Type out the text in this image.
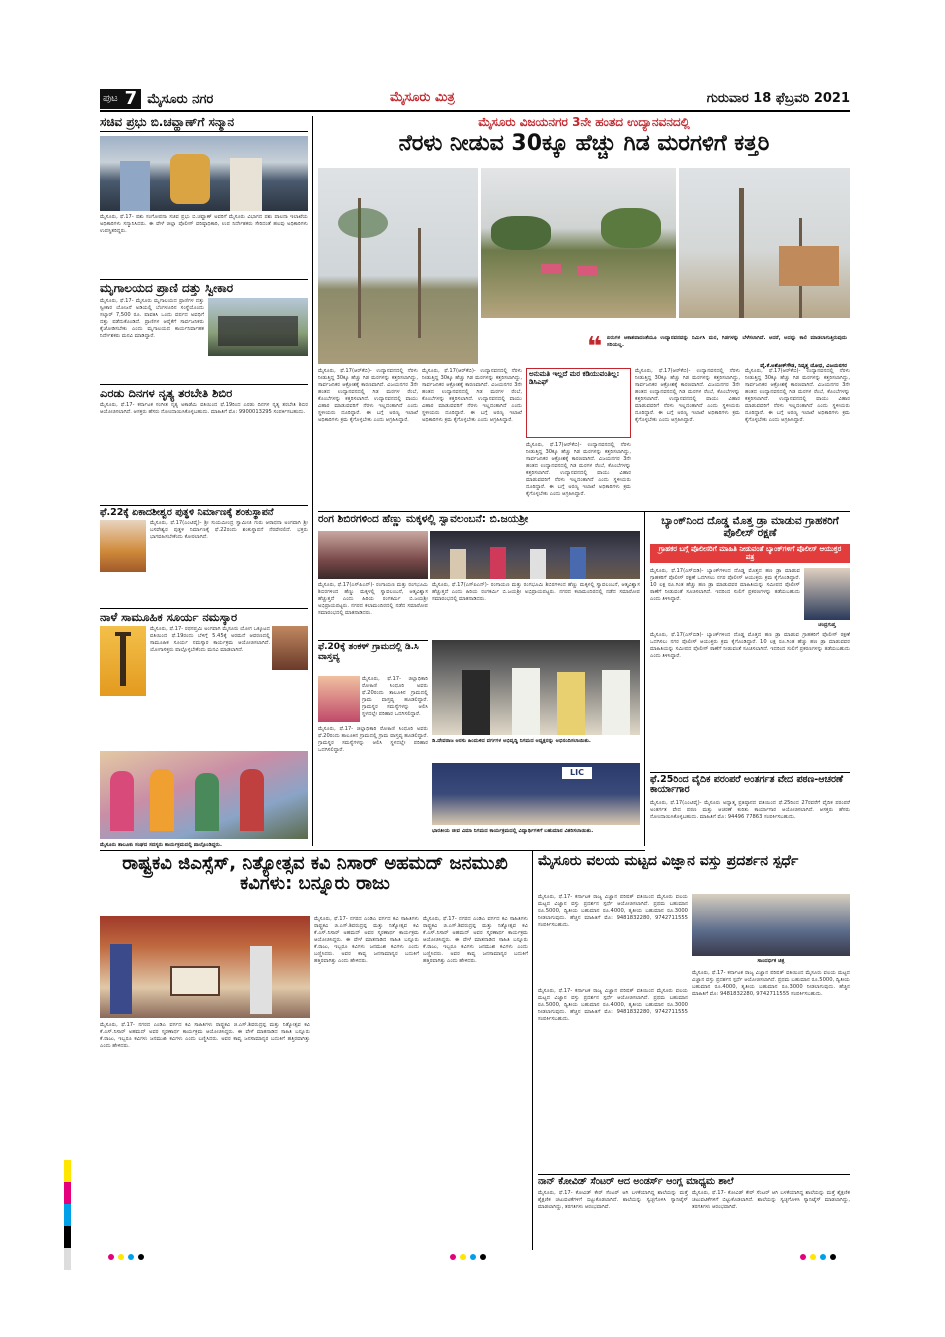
ಪುಟ 7 ಮೈಸೂರು ನಗರ	ಮೈಸೂರು ಮಿತ್ರ	ಗುರುವಾರ 18 ಫೆಬ್ರವರಿ 2021
ಸಚಿವ ಪ್ರಭು ಬಿ.ಚವ್ಹಾಣ್‌ಗೆ ಸನ್ಮಾನ
ಮೈಸೂರು, ಫೆ.17- ಪಶು ಸಂಗೋಪನಾ ಸಚಿವ ಪ್ರಭು ಬಿ.ಚವ್ಹಾಣ್ ಅವರಿಗೆ ಮೈಸೂರು ವಿಭಾಗದ ಪಶು ಪಾಲನಾ ಇಲಾಖೆಯ ಅಧಿಕಾರಿಗಳು ಸನ್ಮಾನಿಸಿದರು. ಈ ವೇಳೆ ಜಿಲ್ಲಾ ಪೊಲೀಸ್ ವರಿಷ್ಠಾಧಿಕಾರಿ, ಉಪ ನಿರ್ದೇಶಕರು ಸೇರಿದಂತೆ ಹಲವು ಅಧಿಕಾರಿಗಳು ಉಪಸ್ಥಿತರಿದ್ದರು.
ಮೃಗಾಲಯದ ಪ್ರಾಣಿ ದತ್ತು ಸ್ವೀಕಾರ
ಮೈಸೂರು, ಫೆ.17- ಮೈಸೂರು ಮೃಗಾಲಯದ ಪ್ರಾಣಿಗಳ ದತ್ತು ಸ್ವೀಕಾರ ಯೋಜನೆ ಅಡಿಯಲ್ಲಿ ಬೆಂಗಳೂರಿನ ಸಂಸ್ಥೆಯೊಂದು ಸಲ್ಕಾರ್ 7,500 ರೂ. ಪಾವತಿಸಿ ಒಂದು ವರ್ಷದ ಅವಧಿಗೆ ದತ್ತು ಪಡೆದುಕೊಂಡಿದೆ. ಪ್ರಾಣಿಗಳ ಆರೈಕೆಗೆ ಸಾರ್ವಜನಿಕರು ಕೈಜೋಡಿಸಬೇಕು ಎಂದು ಮೃಗಾಲಯದ ಕಾರ್ಯನಿರ್ವಾಹಕ ನಿರ್ದೇಶಕರು ಮನವಿ ಮಾಡಿದ್ದಾರೆ.
ಎರಡು ದಿನಗಳ ನೃತ್ಯ ತರಬೇತಿ ಶಿಬಿರ
ಮೈಸೂರು, ಫೆ.17- ಕರ್ನಾಟಕ ಸಂಗೀತ ನೃತ್ಯ ಅಕಾಡೆಮಿ ವತಿಯಿಂದ ಫೆ.19ರಿಂದ ಎರಡು ದಿನಗಳ ನೃತ್ಯ ತರಬೇತಿ ಶಿಬಿರ ಆಯೋಜಿಸಲಾಗಿದೆ. ಆಸಕ್ತರು ಹೆಸರು ನೋಂದಾಯಿಸಿಕೊಳ್ಳಬಹುದು. ಮಾಹಿತಿಗೆ ಮೊ: 9900013295 ಸಂಪರ್ಕಿಸಬಹುದು.
ಫೆ.22ಕ್ಕೆ ಏಕಾದಶೀಶ್ವರ ಪುತ್ಥಳಿ ನಿರ್ಮಾಣಕ್ಕೆ ಶಂಕುಸ್ಥಾಪನೆ
ಮೈಸೂರು, ಫೆ.17(ಎಂಟಿವೈ)- ಶ್ರೀ ಸುಯಮೀಂದ್ರ ಸ್ವಾಮೀಜಿ ಗುರು ಆರಾಧನಾ ಅಂಗವಾಗಿ ಶ್ರೀ ಬಸವೇಶ್ವರ ಪುತ್ಥಳಿ ನಿರ್ಮಾಣಕ್ಕೆ ಫೆ.22ರಂದು ಶಂಕುಸ್ಥಾಪನೆ ನೆರವೇರಲಿದೆ. ಭಕ್ತರು ಭಾಗವಹಿಸಬೇಕೆಂದು ಕೋರಲಾಗಿದೆ.
ನಾಳೆ ಸಾಮೂಹಿಕ ಸೂರ್ಯ ನಮಸ್ಕಾರ
ಮೈಸೂರು, ಫೆ.17- ರಥಸಪ್ತಮಿ ಅಂಗವಾಗಿ ಮೈಸೂರು ಯೋಗ ಒಕ್ಕೂಟದ ವತಿಯಿಂದ ಫೆ.19ರಂದು ಬೆಳಿಗ್ಗೆ 5.45ಕ್ಕೆ ಅರಮನೆ ಆವರಣದಲ್ಲಿ ಸಾಮೂಹಿಕ ಸೂರ್ಯ ನಮಸ್ಕಾರ ಕಾರ್ಯಕ್ರಮ ಆಯೋಜಿಸಲಾಗಿದೆ. ಯೋಗಾಸಕ್ತರು ಪಾಲ್ಗೊಳ್ಳಬೇಕೆಂದು ಮನವಿ ಮಾಡಲಾಗಿದೆ.
ಮೈಸೂರು ತಾಲೂಕು ಸಂಘದ ಸದಸ್ಯರು ಕಾರ್ಯಕ್ರಮದಲ್ಲಿ ಪಾಲ್ಗೊಂಡಿದ್ದರು.
ಮೈಸೂರು ವಿಜಯನಗರ 3ನೇ ಹಂತದ ಉದ್ಯಾನವನದಲ್ಲಿ
ನೆರಳು ನೀಡುವ 30ಕ್ಕೂ ಹೆಚ್ಚು ಗಿಡ ಮರಗಳಿಗೆ ಕತ್ತರಿ
❝ ಏರುಗಳ ಆಕಾಶವಾದಂತೆಯೂ ಉದ್ಯಾನವನವನ್ನು ನಿರ್ಮಿಸಿ ಮರ, ಗಿಡಗಳನ್ನು ಬೆಳೆಸಲಾಗಿದೆ. ಆದರೆ, ಅದನ್ನು ಕಾಲಿ ಮಾಡಲಾಗುತ್ತಿರುವುದು ಸರಿಯಲ್ಲ.
ವೈ.ಕೆ.ಅಶೋಕ್‌ಗೌಡ, ನಿವೃತ್ತ ಯೋಧ, ವಿಜಯನಗರ
ಮೈಸೂರು, ಫೆ.17(ಆರ್‌ಕೆಬಿ)- ಉದ್ಯಾನವನದಲ್ಲಿ ನೆರಳು ನೀಡುತ್ತಿದ್ದ 30ಕ್ಕೂ ಹೆಚ್ಚು ಗಿಡ ಮರಗಳನ್ನು ಕತ್ತರಿಸಲಾಗಿದ್ದು, ಸಾರ್ವಜನಿಕರ ಆಕ್ರೋಶಕ್ಕೆ ಕಾರಣವಾಗಿದೆ. ವಿಜಯನಗರ 3ನೇ ಹಂತದ ಉದ್ಯಾನವನದಲ್ಲಿ ಗಿಡ ಮರಗಳ ರೆಂಬೆ, ಕೊಂಬೆಗಳನ್ನು ಕತ್ತರಿಸಲಾಗಿದೆ. ಉದ್ಯಾನವನದಲ್ಲಿ ವಾಯು ವಿಹಾರ ಮಾಡುವವರಿಗೆ ನೆರಳು ಇಲ್ಲದಂತಾಗಿದೆ ಎಂದು ಸ್ಥಳೀಯರು ದೂರಿದ್ದಾರೆ. ಈ ಬಗ್ಗೆ ಅರಣ್ಯ ಇಲಾಖೆ ಅಧಿಕಾರಿಗಳು ಕ್ರಮ ಕೈಗೊಳ್ಳಬೇಕು ಎಂದು ಆಗ್ರಹಿಸಿದ್ದಾರೆ.
ಮೈಸೂರು, ಫೆ.17(ಆರ್‌ಕೆಬಿ)- ಉದ್ಯಾನವನದಲ್ಲಿ ನೆರಳು ನೀಡುತ್ತಿದ್ದ 30ಕ್ಕೂ ಹೆಚ್ಚು ಗಿಡ ಮರಗಳನ್ನು ಕತ್ತರಿಸಲಾಗಿದ್ದು, ಸಾರ್ವಜನಿಕರ ಆಕ್ರೋಶಕ್ಕೆ ಕಾರಣವಾಗಿದೆ. ವಿಜಯನಗರ 3ನೇ ಹಂತದ ಉದ್ಯಾನವನದಲ್ಲಿ ಗಿಡ ಮರಗಳ ರೆಂಬೆ, ಕೊಂಬೆಗಳನ್ನು ಕತ್ತರಿಸಲಾಗಿದೆ. ಉದ್ಯಾನವನದಲ್ಲಿ ವಾಯು ವಿಹಾರ ಮಾಡುವವರಿಗೆ ನೆರಳು ಇಲ್ಲದಂತಾಗಿದೆ ಎಂದು ಸ್ಥಳೀಯರು ದೂರಿದ್ದಾರೆ. ಈ ಬಗ್ಗೆ ಅರಣ್ಯ ಇಲಾಖೆ ಅಧಿಕಾರಿಗಳು ಕ್ರಮ ಕೈಗೊಳ್ಳಬೇಕು ಎಂದು ಆಗ್ರಹಿಸಿದ್ದಾರೆ.
ಅನುಮತಿ ಇಲ್ಲದೆ ಮರ ಕಡಿಯುವಂತಿಲ್ಲ: ಡಿಸಿಎಫ್
ಮೈಸೂರು, ಫೆ.17(ಆರ್‌ಕೆಬಿ)- ಉದ್ಯಾನವನದಲ್ಲಿ ನೆರಳು ನೀಡುತ್ತಿದ್ದ 30ಕ್ಕೂ ಹೆಚ್ಚು ಗಿಡ ಮರಗಳನ್ನು ಕತ್ತರಿಸಲಾಗಿದ್ದು, ಸಾರ್ವಜನಿಕರ ಆಕ್ರೋಶಕ್ಕೆ ಕಾರಣವಾಗಿದೆ. ವಿಜಯನಗರ 3ನೇ ಹಂತದ ಉದ್ಯಾನವನದಲ್ಲಿ ಗಿಡ ಮರಗಳ ರೆಂಬೆ, ಕೊಂಬೆಗಳನ್ನು ಕತ್ತರಿಸಲಾಗಿದೆ. ಉದ್ಯಾನವನದಲ್ಲಿ ವಾಯು ವಿಹಾರ ಮಾಡುವವರಿಗೆ ನೆರಳು ಇಲ್ಲದಂತಾಗಿದೆ ಎಂದು ಸ್ಥಳೀಯರು ದೂರಿದ್ದಾರೆ. ಈ ಬಗ್ಗೆ ಅರಣ್ಯ ಇಲಾಖೆ ಅಧಿಕಾರಿಗಳು ಕ್ರಮ ಕೈಗೊಳ್ಳಬೇಕು ಎಂದು ಆಗ್ರಹಿಸಿದ್ದಾರೆ.
ಮೈಸೂರು, ಫೆ.17(ಆರ್‌ಕೆಬಿ)- ಉದ್ಯಾನವನದಲ್ಲಿ ನೆರಳು ನೀಡುತ್ತಿದ್ದ 30ಕ್ಕೂ ಹೆಚ್ಚು ಗಿಡ ಮರಗಳನ್ನು ಕತ್ತರಿಸಲಾಗಿದ್ದು, ಸಾರ್ವಜನಿಕರ ಆಕ್ರೋಶಕ್ಕೆ ಕಾರಣವಾಗಿದೆ. ವಿಜಯನಗರ 3ನೇ ಹಂತದ ಉದ್ಯಾನವನದಲ್ಲಿ ಗಿಡ ಮರಗಳ ರೆಂಬೆ, ಕೊಂಬೆಗಳನ್ನು ಕತ್ತರಿಸಲಾಗಿದೆ. ಉದ್ಯಾನವನದಲ್ಲಿ ವಾಯು ವಿಹಾರ ಮಾಡುವವರಿಗೆ ನೆರಳು ಇಲ್ಲದಂತಾಗಿದೆ ಎಂದು ಸ್ಥಳೀಯರು ದೂರಿದ್ದಾರೆ. ಈ ಬಗ್ಗೆ ಅರಣ್ಯ ಇಲಾಖೆ ಅಧಿಕಾರಿಗಳು ಕ್ರಮ ಕೈಗೊಳ್ಳಬೇಕು ಎಂದು ಆಗ್ರಹಿಸಿದ್ದಾರೆ.
ಮೈಸೂರು, ಫೆ.17(ಆರ್‌ಕೆಬಿ)- ಉದ್ಯಾನವನದಲ್ಲಿ ನೆರಳು ನೀಡುತ್ತಿದ್ದ 30ಕ್ಕೂ ಹೆಚ್ಚು ಗಿಡ ಮರಗಳನ್ನು ಕತ್ತರಿಸಲಾಗಿದ್ದು, ಸಾರ್ವಜನಿಕರ ಆಕ್ರೋಶಕ್ಕೆ ಕಾರಣವಾಗಿದೆ. ವಿಜಯನಗರ 3ನೇ ಹಂತದ ಉದ್ಯಾನವನದಲ್ಲಿ ಗಿಡ ಮರಗಳ ರೆಂಬೆ, ಕೊಂಬೆಗಳನ್ನು ಕತ್ತರಿಸಲಾಗಿದೆ. ಉದ್ಯಾನವನದಲ್ಲಿ ವಾಯು ವಿಹಾರ ಮಾಡುವವರಿಗೆ ನೆರಳು ಇಲ್ಲದಂತಾಗಿದೆ ಎಂದು ಸ್ಥಳೀಯರು ದೂರಿದ್ದಾರೆ. ಈ ಬಗ್ಗೆ ಅರಣ್ಯ ಇಲಾಖೆ ಅಧಿಕಾರಿಗಳು ಕ್ರಮ ಕೈಗೊಳ್ಳಬೇಕು ಎಂದು ಆಗ್ರಹಿಸಿದ್ದಾರೆ.
ರಂಗ ಶಿಬಿರಗಳಿಂದ ಹೆಣ್ಣು ಮಕ್ಕಳಲ್ಲಿ ಸ್ವಾವಲಂಬನೆ: ಬಿ.ಜಯಶ್ರೀ
ಮೈಸೂರು, ಫೆ.17(ಎಸ್‌ಪಿಎನ್)- ರಂಗಾಯಣ ಮತ್ತು ರಂಗಭೂಮಿ ಶಿಬಿರಗಳಿಂದ ಹೆಣ್ಣು ಮಕ್ಕಳಲ್ಲಿ ಸ್ವಾವಲಂಬನೆ, ಆತ್ಮವಿಶ್ವಾಸ ಹೆಚ್ಚುತ್ತದೆ ಎಂದು ಹಿರಿಯ ರಂಗಕರ್ಮಿ ಬಿ.ಜಯಶ್ರೀ ಅಭಿಪ್ರಾಯಪಟ್ಟರು. ನಗರದ ಕಲಾಮಂದಿರದಲ್ಲಿ ನಡೆದ ಸಮಾರೋಪ ಸಮಾರಂಭದಲ್ಲಿ ಮಾತನಾಡಿದರು.
ಮೈಸೂರು, ಫೆ.17(ಎಸ್‌ಪಿಎನ್)- ರಂಗಾಯಣ ಮತ್ತು ರಂಗಭೂಮಿ ಶಿಬಿರಗಳಿಂದ ಹೆಣ್ಣು ಮಕ್ಕಳಲ್ಲಿ ಸ್ವಾವಲಂಬನೆ, ಆತ್ಮವಿಶ್ವಾಸ ಹೆಚ್ಚುತ್ತದೆ ಎಂದು ಹಿರಿಯ ರಂಗಕರ್ಮಿ ಬಿ.ಜಯಶ್ರೀ ಅಭಿಪ್ರಾಯಪಟ್ಟರು. ನಗರದ ಕಲಾಮಂದಿರದಲ್ಲಿ ನಡೆದ ಸಮಾರೋಪ ಸಮಾರಂಭದಲ್ಲಿ ಮಾತನಾಡಿದರು.
ಫೆ.20ಕ್ಕೆ ತಂಕಳ್ ಗ್ರಾಮದಲ್ಲಿ ಡಿ.ಸಿ ವಾಸ್ತವ್ಯ
ಮೈಸೂರು, ಫೆ.17- ಜಿಲ್ಲಾಧಿಕಾರಿ ರೋಹಿಣಿ ಸಿಂಧೂರಿ ಅವರು ಫೆ.20ರಂದು ತಾಲೂಕಿನ ಗ್ರಾಮದಲ್ಲಿ ಗ್ರಾಮ ವಾಸ್ತವ್ಯ ಹೂಡಲಿದ್ದಾರೆ. ಗ್ರಾಮಸ್ಥರ ಸಮಸ್ಯೆಗಳನ್ನು ಆಲಿಸಿ ಸ್ಥಳದಲ್ಲೇ ಪರಿಹಾರ ಒದಗಿಸಲಿದ್ದಾರೆ.
ಮೈಸೂರು, ಫೆ.17- ಜಿಲ್ಲಾಧಿಕಾರಿ ರೋಹಿಣಿ ಸಿಂಧೂರಿ ಅವರು ಫೆ.20ರಂದು ತಾಲೂಕಿನ ಗ್ರಾಮದಲ್ಲಿ ಗ್ರಾಮ ವಾಸ್ತವ್ಯ ಹೂಡಲಿದ್ದಾರೆ. ಗ್ರಾಮಸ್ಥರ ಸಮಸ್ಯೆಗಳನ್ನು ಆಲಿಸಿ ಸ್ಥಳದಲ್ಲೇ ಪರಿಹಾರ ಒದಗಿಸಲಿದ್ದಾರೆ.
ಡಿ.ದೇವರಾಜ ಅರಸು ಹಿಂದುಳಿದ ವರ್ಗಗಳ ಅಭಿವೃದ್ಧಿ ನಿಗಮದ ಅಧ್ಯಕ್ಷರನ್ನು ಅಭಿನಂದಿಸಲಾಯಿತು.
LIC
ಭಾರತೀಯ ಜೀವ ವಿಮಾ ನಿಗಮದ ಕಾರ್ಯಕ್ರಮದಲ್ಲಿ ವಿದ್ಯಾರ್ಥಿಗಳಿಗೆ ಬಹುಮಾನ ವಿತರಿಸಲಾಯಿತು.
ಬ್ಯಾಂಕ್‌ನಿಂದ ದೊಡ್ಡ ಮೊತ್ತ ಡ್ರಾ ಮಾಡುವ ಗ್ರಾಹಕರಿಗೆ ಪೊಲೀಸ್ ರಕ್ಷಣೆ
ಗ್ರಾಹಕರ ಬಗ್ಗೆ ಪೊಲೀಸರಿಗೆ ಮಾಹಿತಿ ನೀಡುವಂತೆ ಬ್ಯಾಂಕ್‌ಗಳಿಗೆ ಪೊಲೀಸ್ ಆಯುಕ್ತರ ಪತ್ರ
ಮೈಸೂರು, ಫೆ.17(ಎಸ್‌ಬಿಡಿ)- ಬ್ಯಾಂಕ್‌ಗಳಿಂದ ದೊಡ್ಡ ಮೊತ್ತದ ಹಣ ಡ್ರಾ ಮಾಡುವ ಗ್ರಾಹಕರಿಗೆ ಪೊಲೀಸ್ ರಕ್ಷಣೆ ಒದಗಿಸಲು ನಗರ ಪೊಲೀಸ್ ಆಯುಕ್ತರು ಕ್ರಮ ಕೈಗೊಂಡಿದ್ದಾರೆ. 10 ಲಕ್ಷ ರೂ.ಗಿಂತ ಹೆಚ್ಚು ಹಣ ಡ್ರಾ ಮಾಡುವವರ ಮಾಹಿತಿಯನ್ನು ಸಮೀಪದ ಪೊಲೀಸ್ ಠಾಣೆಗೆ ನೀಡುವಂತೆ ಸೂಚಿಸಲಾಗಿದೆ. ಇದರಿಂದ ಸುಲಿಗೆ ಪ್ರಕರಣಗಳನ್ನು ತಡೆಯಬಹುದು ಎಂದು ತಿಳಿಸಿದ್ದಾರೆ.
ಚಂದ್ರಗುಪ್ತ
ಮೈಸೂರು, ಫೆ.17(ಎಸ್‌ಬಿಡಿ)- ಬ್ಯಾಂಕ್‌ಗಳಿಂದ ದೊಡ್ಡ ಮೊತ್ತದ ಹಣ ಡ್ರಾ ಮಾಡುವ ಗ್ರಾಹಕರಿಗೆ ಪೊಲೀಸ್ ರಕ್ಷಣೆ ಒದಗಿಸಲು ನಗರ ಪೊಲೀಸ್ ಆಯುಕ್ತರು ಕ್ರಮ ಕೈಗೊಂಡಿದ್ದಾರೆ. 10 ಲಕ್ಷ ರೂ.ಗಿಂತ ಹೆಚ್ಚು ಹಣ ಡ್ರಾ ಮಾಡುವವರ ಮಾಹಿತಿಯನ್ನು ಸಮೀಪದ ಪೊಲೀಸ್ ಠಾಣೆಗೆ ನೀಡುವಂತೆ ಸೂಚಿಸಲಾಗಿದೆ. ಇದರಿಂದ ಸುಲಿಗೆ ಪ್ರಕರಣಗಳನ್ನು ತಡೆಯಬಹುದು ಎಂದು ತಿಳಿಸಿದ್ದಾರೆ.
ಫೆ.25ರಿಂದ ವೈದಿಕ ಪರಂಪರೆ ಅಂತರ್ಗತ ವೇದ ಪಠಣ-ಆಚರಣೆ ಕಾರ್ಯಾಗಾರ
ಮೈಸೂರು, ಫೆ.17(ಎಂಟಿವೈ)- ಮೈಸೂರು ಅಧ್ಯಾತ್ಮ ಪ್ರತಿಷ್ಠಾನದ ವತಿಯಿಂದ ಫೆ.25ರಿಂದ 27ರವರೆಗೆ ವೈದಿಕ ಪರಂಪರೆ ಅಂತರ್ಗತ ವೇದ ಪಠಣ ಮತ್ತು ಆಚರಣೆ ಕುರಿತು ಕಾರ್ಯಾಗಾರ ಆಯೋಜಿಸಲಾಗಿದೆ. ಆಸಕ್ತರು ಹೆಸರು ನೋಂದಾಯಿಸಿಕೊಳ್ಳಬಹುದು. ಮಾಹಿತಿಗೆ ಮೊ: 94496 77863 ಸಂಪರ್ಕಿಸಬಹುದು.
ರಾಷ್ಟ್ರಕವಿ ಜಿಎಸ್ಸೆಸ್, ನಿತ್ಯೋತ್ಸವ ಕವಿ ನಿಸಾರ್ ಅಹಮದ್ ಜನಮುಖಿ ಕವಿಗಳು: ಬನ್ನೂರು ರಾಜು
ಮೈಸೂರು, ಫೆ.17- ನಗರದ ಎಂಡಿಎ ವರ್ಗದ ಕವಿ ಸಾಹಿತಿಗಳು ರಾಷ್ಟ್ರಕವಿ ಜಿ.ಎಸ್.ಶಿವರುದ್ರಪ್ಪ ಮತ್ತು ನಿತ್ಯೋತ್ಸವ ಕವಿ ಕೆ.ಎಸ್.ನಿಸಾರ್ ಅಹಮದ್ ಅವರ ಸ್ಮರಣಾರ್ಥ ಕಾರ್ಯಕ್ರಮ ಆಯೋಜಿಸಿದ್ದರು. ಈ ವೇಳೆ ಮಾತನಾಡಿದ ಸಾಹಿತಿ ಬನ್ನೂರು ಕೆ.ರಾಜು, ಇಬ್ಬರೂ ಕವಿಗಳು ಜನಮುಖಿ ಕವಿಗಳು ಎಂದು ಬಣ್ಣಿಸಿದರು. ಅವರ ಕಾವ್ಯ ಜನಸಾಮಾನ್ಯರ ಬದುಕಿಗೆ ಹತ್ತಿರವಾಗಿತ್ತು ಎಂದು ಹೇಳಿದರು.
ಮೈಸೂರು, ಫೆ.17- ನಗರದ ಎಂಡಿಎ ವರ್ಗದ ಕವಿ ಸಾಹಿತಿಗಳು ರಾಷ್ಟ್ರಕವಿ ಜಿ.ಎಸ್.ಶಿವರುದ್ರಪ್ಪ ಮತ್ತು ನಿತ್ಯೋತ್ಸವ ಕವಿ ಕೆ.ಎಸ್.ನಿಸಾರ್ ಅಹಮದ್ ಅವರ ಸ್ಮರಣಾರ್ಥ ಕಾರ್ಯಕ್ರಮ ಆಯೋಜಿಸಿದ್ದರು. ಈ ವೇಳೆ ಮಾತನಾಡಿದ ಸಾಹಿತಿ ಬನ್ನೂರು ಕೆ.ರಾಜು, ಇಬ್ಬರೂ ಕವಿಗಳು ಜನಮುಖಿ ಕವಿಗಳು ಎಂದು ಬಣ್ಣಿಸಿದರು. ಅವರ ಕಾವ್ಯ ಜನಸಾಮಾನ್ಯರ ಬದುಕಿಗೆ ಹತ್ತಿರವಾಗಿತ್ತು ಎಂದು ಹೇಳಿದರು.
ಮೈಸೂರು, ಫೆ.17- ನಗರದ ಎಂಡಿಎ ವರ್ಗದ ಕವಿ ಸಾಹಿತಿಗಳು ರಾಷ್ಟ್ರಕವಿ ಜಿ.ಎಸ್.ಶಿವರುದ್ರಪ್ಪ ಮತ್ತು ನಿತ್ಯೋತ್ಸವ ಕವಿ ಕೆ.ಎಸ್.ನಿಸಾರ್ ಅಹಮದ್ ಅವರ ಸ್ಮರಣಾರ್ಥ ಕಾರ್ಯಕ್ರಮ ಆಯೋಜಿಸಿದ್ದರು. ಈ ವೇಳೆ ಮಾತನಾಡಿದ ಸಾಹಿತಿ ಬನ್ನೂರು ಕೆ.ರಾಜು, ಇಬ್ಬರೂ ಕವಿಗಳು ಜನಮುಖಿ ಕವಿಗಳು ಎಂದು ಬಣ್ಣಿಸಿದರು. ಅವರ ಕಾವ್ಯ ಜನಸಾಮಾನ್ಯರ ಬದುಕಿಗೆ ಹತ್ತಿರವಾಗಿತ್ತು ಎಂದು ಹೇಳಿದರು.
ಮೈಸೂರು ವಲಯ ಮಟ್ಟದ ವಿಜ್ಞಾನ ವಸ್ತು ಪ್ರದರ್ಶನ ಸ್ಪರ್ಧೆ
ಮೈಸೂರು, ಫೆ.17- ಕರ್ನಾಟಕ ರಾಜ್ಯ ವಿಜ್ಞಾನ ಪರಿಷತ್ ವತಿಯಿಂದ ಮೈಸೂರು ವಲಯ ಮಟ್ಟದ ವಿಜ್ಞಾನ ವಸ್ತು ಪ್ರದರ್ಶನ ಸ್ಪರ್ಧೆ ಆಯೋಜಿಸಲಾಗಿದೆ. ಪ್ರಥಮ ಬಹುಮಾನ ರೂ.5000, ದ್ವಿತೀಯ ಬಹುಮಾನ ರೂ.4000, ತೃತೀಯ ಬಹುಮಾನ ರೂ.3000 ನೀಡಲಾಗುವುದು. ಹೆಚ್ಚಿನ ಮಾಹಿತಿಗೆ ಮೊ: 9481832280, 9742711555 ಸಂಪರ್ಕಿಸಬಹುದು.
ಸಾಂದರ್ಭಿಕ ಚಿತ್ರ
ಮೈಸೂರು, ಫೆ.17- ಕರ್ನಾಟಕ ರಾಜ್ಯ ವಿಜ್ಞಾನ ಪರಿಷತ್ ವತಿಯಿಂದ ಮೈಸೂರು ವಲಯ ಮಟ್ಟದ ವಿಜ್ಞಾನ ವಸ್ತು ಪ್ರದರ್ಶನ ಸ್ಪರ್ಧೆ ಆಯೋಜಿಸಲಾಗಿದೆ. ಪ್ರಥಮ ಬಹುಮಾನ ರೂ.5000, ದ್ವಿತೀಯ ಬಹುಮಾನ ರೂ.4000, ತೃತೀಯ ಬಹುಮಾನ ರೂ.3000 ನೀಡಲಾಗುವುದು. ಹೆಚ್ಚಿನ ಮಾಹಿತಿಗೆ ಮೊ: 9481832280, 9742711555 ಸಂಪರ್ಕಿಸಬಹುದು.
ಮೈಸೂರು, ಫೆ.17- ಕರ್ನಾಟಕ ರಾಜ್ಯ ವಿಜ್ಞಾನ ಪರಿಷತ್ ವತಿಯಿಂದ ಮೈಸೂರು ವಲಯ ಮಟ್ಟದ ವಿಜ್ಞಾನ ವಸ್ತು ಪ್ರದರ್ಶನ ಸ್ಪರ್ಧೆ ಆಯೋಜಿಸಲಾಗಿದೆ. ಪ್ರಥಮ ಬಹುಮಾನ ರೂ.5000, ದ್ವಿತೀಯ ಬಹುಮಾನ ರೂ.4000, ತೃತೀಯ ಬಹುಮಾನ ರೂ.3000 ನೀಡಲಾಗುವುದು. ಹೆಚ್ಚಿನ ಮಾಹಿತಿಗೆ ಮೊ: 9481832280, 9742711555 ಸಂಪರ್ಕಿಸಬಹುದು.
ನಾನ್ ಕೋವಿಡ್ ಸೆಂಟರ್ ಆದ ಅಂಡರ್ಸ್ ಆಂಗ್ಲ ಮಾಧ್ಯಮ ಶಾಲೆ
ಮೈಸೂರು, ಫೆ.17- ಕೋವಿಡ್ ಕೇರ್ ಸೆಂಟರ್ ಆಗಿ ಬಳಕೆಯಾಗಿದ್ದ ಶಾಲೆಯನ್ನು ಮತ್ತೆ ಶೈಕ್ಷಣಿಕ ಚಟುವಟಿಕೆಗಳಿಗೆ ಬಿಟ್ಟುಕೊಡಲಾಗಿದೆ. ಶಾಲೆಯನ್ನು ಸ್ವಚ್ಛಗೊಳಿಸಿ ಸ್ಯಾನಿಟೈಸ್ ಮಾಡಲಾಗಿದ್ದು, ತರಗತಿಗಳು ಆರಂಭವಾಗಿವೆ.
ಮೈಸೂರು, ಫೆ.17- ಕೋವಿಡ್ ಕೇರ್ ಸೆಂಟರ್ ಆಗಿ ಬಳಕೆಯಾಗಿದ್ದ ಶಾಲೆಯನ್ನು ಮತ್ತೆ ಶೈಕ್ಷಣಿಕ ಚಟುವಟಿಕೆಗಳಿಗೆ ಬಿಟ್ಟುಕೊಡಲಾಗಿದೆ. ಶಾಲೆಯನ್ನು ಸ್ವಚ್ಛಗೊಳಿಸಿ ಸ್ಯಾನಿಟೈಸ್ ಮಾಡಲಾಗಿದ್ದು, ತರಗತಿಗಳು ಆರಂಭವಾಗಿವೆ.
